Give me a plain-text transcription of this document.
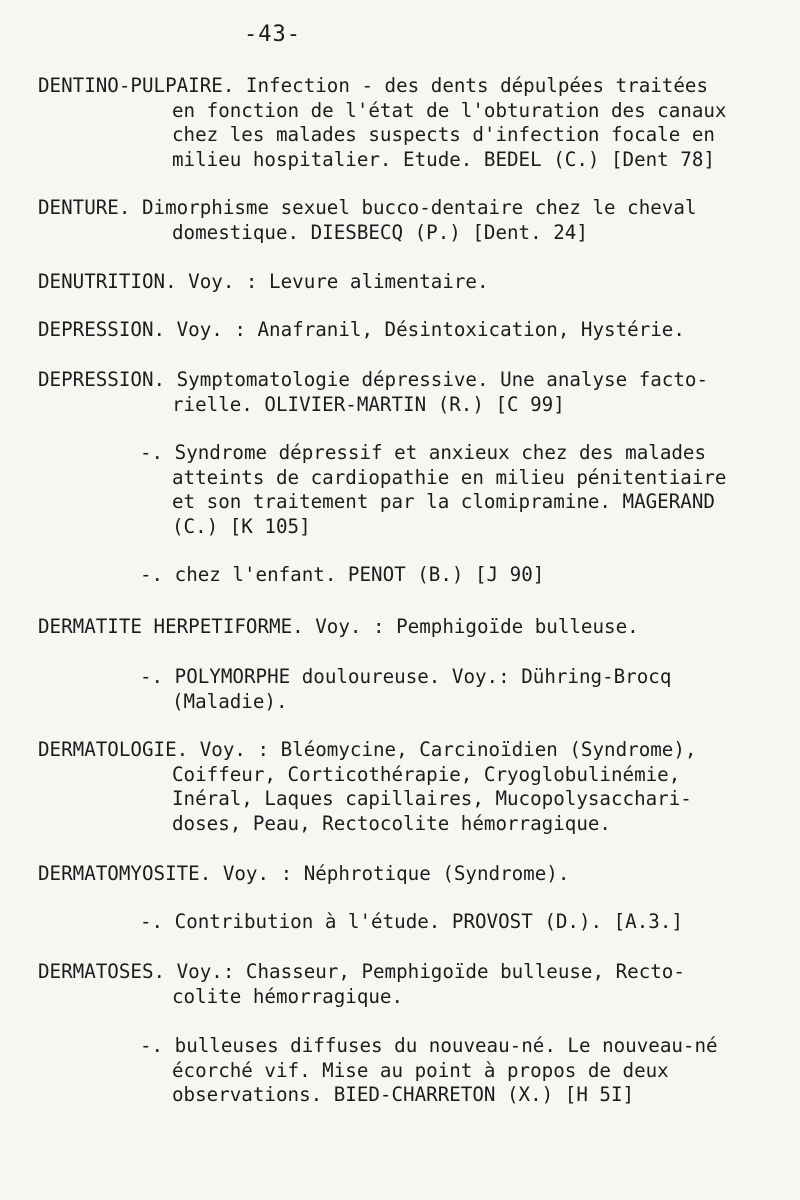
-43-
DENTINO-PULPAIRE. Infection - des dents dépulpées traitées
en fonction de l'état de l'obturation des canaux
chez les malades suspects d'infection focale en
milieu hospitalier. Etude. BEDEL (C.) [Dent 78]
DENTURE. Dimorphisme sexuel bucco-dentaire chez le cheval
domestique. DIESBECQ (P.) [Dent. 24]
DENUTRITION. Voy. : Levure alimentaire.
DEPRESSION. Voy. : Anafranil, Désintoxication, Hystérie.
DEPRESSION. Symptomatologie dépressive. Une analyse facto-
rielle. OLIVIER-MARTIN (R.) [C 99]
-. Syndrome dépressif et anxieux chez des malades
atteints de cardiopathie en milieu pénitentiaire
et son traitement par la clomipramine. MAGERAND
(C.) [K 105]
-. chez l'enfant. PENOT (B.) [J 90]
DERMATITE HERPETIFORME. Voy. : Pemphigoïde bulleuse.
-. POLYMORPHE douloureuse. Voy.: Dühring-Brocq
(Maladie).
DERMATOLOGIE. Voy. : Bléomycine, Carcinoïdien (Syndrome),
Coiffeur, Corticothérapie, Cryoglobulinémie,
Inéral, Laques capillaires, Mucopolysacchari-
doses, Peau, Rectocolite hémorragique.
DERMATOMYOSITE. Voy. : Néphrotique (Syndrome).
-. Contribution à l'étude. PROVOST (D.). [A.3.]
DERMATOSES. Voy.: Chasseur, Pemphigoïde bulleuse, Recto-
colite hémorragique.
-. bulleuses diffuses du nouveau-né. Le nouveau-né
écorché vif. Mise au point à propos de deux
observations. BIED-CHARRETON (X.) [H 5I]
